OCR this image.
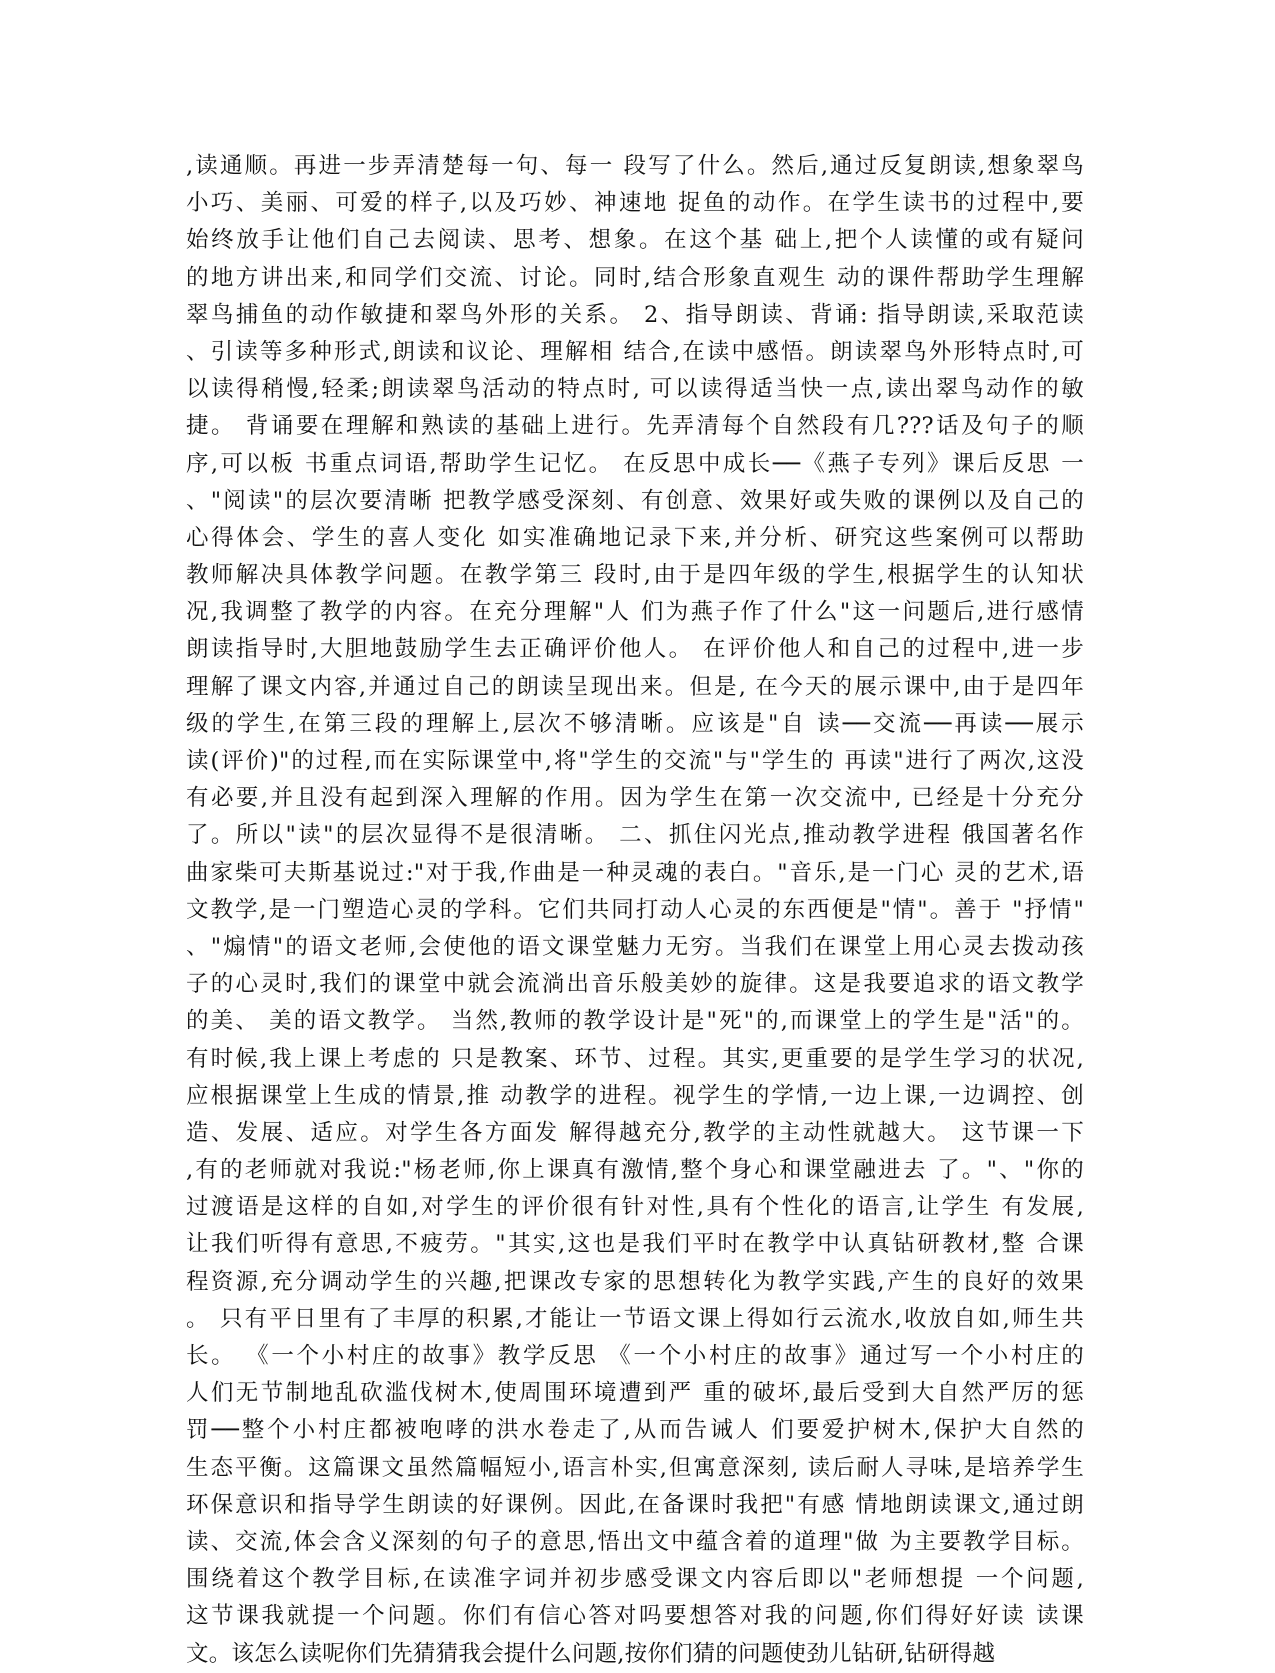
,读通顺。再进一步弄清楚每一句、每一 段写了什么。然后,通过反复朗读,想象翠鸟
小巧、美丽、可爱的样子,以及巧妙、神速地 捉鱼的动作。在学生读书的过程中,要
始终放手让他们自己去阅读、思考、想象。在这个基 础上,把个人读懂的或有疑问
的地方讲出来,和同学们交流、讨论。同时,结合形象直观生 动的课件帮助学生理解
翠鸟捕鱼的动作敏捷和翠鸟外形的关系。 2、指导朗读、背诵: 指导朗读,采取范读
、引读等多种形式,朗读和议论、理解相 结合,在读中感悟。朗读翠鸟外形特点时,可
以读得稍慢,轻柔;朗读翠鸟活动的特点时, 可以读得适当快一点,读出翠鸟动作的敏
捷。 背诵要在理解和熟读的基础上进行。先弄清每个自然段有几???话及句子的顺
序,可以板 书重点词语,帮助学生记忆。 在反思中成长──《燕子专列》课后反思 一
、"阅读"的层次要清晰 把教学感受深刻、有创意、效果好或失败的课例以及自己的
心得体会、学生的喜人变化 如实准确地记录下来,并分析、研究这些案例可以帮助
教师解决具体教学问题。在教学第三 段时,由于是四年级的学生,根据学生的认知状
况,我调整了教学的内容。在充分理解"人 们为燕子作了什么"这一问题后,进行感情
朗读指导时,大胆地鼓励学生去正确评价他人。 在评价他人和自己的过程中,进一步
理解了课文内容,并通过自己的朗读呈现出来。但是, 在今天的展示课中,由于是四年
级的学生,在第三段的理解上,层次不够清晰。应该是"自 读──交流──再读──展示
读(评价)"的过程,而在实际课堂中,将"学生的交流"与"学生的 再读"进行了两次,这没
有必要,并且没有起到深入理解的作用。因为学生在第一次交流中, 已经是十分充分
了。所以"读"的层次显得不是很清晰。 二、抓住闪光点,推动教学进程 俄国著名作
曲家柴可夫斯基说过:"对于我,作曲是一种灵魂的表白。"音乐,是一门心 灵的艺术,语
文教学,是一门塑造心灵的学科。它们共同打动人心灵的东西便是"情"。善于 "抒情"
、"煽情"的语文老师,会使他的语文课堂魅力无穷。当我们在课堂上用心灵去拨动孩
子的心灵时,我们的课堂中就会流淌出音乐般美妙的旋律。这是我要追求的语文教学
的美、 美的语文教学。 当然,教师的教学设计是"死"的,而课堂上的学生是"活"的。
有时候,我上课上考虑的 只是教案、环节、过程。其实,更重要的是学生学习的状况,
应根据课堂上生成的情景,推 动教学的进程。视学生的学情,一边上课,一边调控、创
造、发展、适应。对学生各方面发 解得越充分,教学的主动性就越大。 这节课一下
,有的老师就对我说:"杨老师,你上课真有激情,整个身心和课堂融进去 了。"、"你的
过渡语是这样的自如,对学生的评价很有针对性,具有个性化的语言,让学生 有发展,
让我们听得有意思,不疲劳。"其实,这也是我们平时在教学中认真钻研教材,整 合课
程资源,充分调动学生的兴趣,把课改专家的思想转化为教学实践,产生的良好的效果
。 只有平日里有了丰厚的积累,才能让一节语文课上得如行云流水,收放自如,师生共
长。 《一个小村庄的故事》教学反思 《一个小村庄的故事》通过写一个小村庄的
人们无节制地乱砍滥伐树木,使周围环境遭到严 重的破坏,最后受到大自然严厉的惩
罚──整个小村庄都被咆哮的洪水卷走了,从而告诫人 们要爱护树木,保护大自然的
生态平衡。这篇课文虽然篇幅短小,语言朴实,但寓意深刻, 读后耐人寻味,是培养学生
环保意识和指导学生朗读的好课例。因此,在备课时我把"有感 情地朗读课文,通过朗
读、交流,体会含义深刻的句子的意思,悟出文中蕴含着的道理"做 为主要教学目标。
围绕着这个教学目标,在读准字词并初步感受课文内容后即以"老师想提 一个问题,
这节课我就提一个问题。你们有信心答对吗要想答对我的问题,你们得好好读 读课
文。该怎么读呢你们先猜猜我会提什么问题,按你们猜的问题使劲儿钻研,钻研得越
